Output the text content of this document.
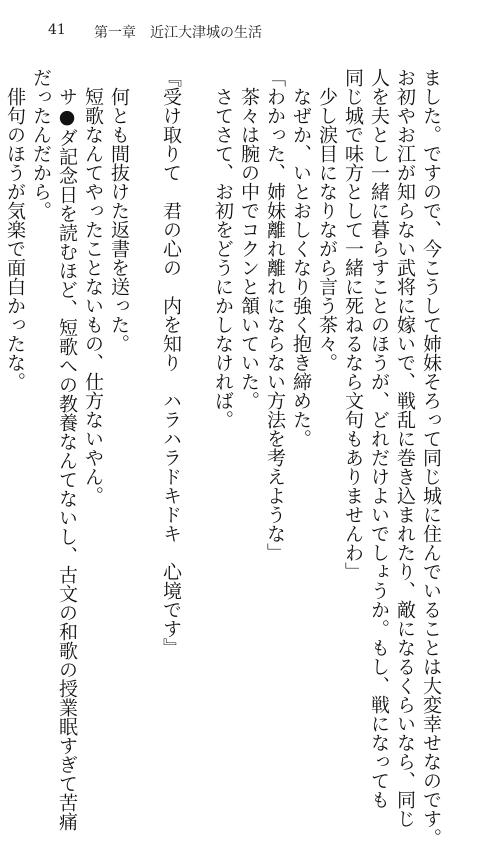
41 第一章　近江大津城の生活
ました。ですので、今こうして姉妹そろって同じ城に住んでいることは大変幸せなのです。
お初やお江が知らない武将に嫁いで、戦乱に巻き込まれたり、敵になるくらいなら、同じ
人を夫とし一緒に暮らすことのほうが、どれだけよいでしょうか。もし、戦になっても
同じ城で味方として一緒に死ねるなら文句もありませんわ」
　少し涙目になりながら言う茶々。
　なぜか、いとおしくなり強く抱き締めた。
「わかった、姉妹離れ離れにならない方法を考えような」
　茶々は腕の中でコクンと頷いていた。
　さてさて、お初をどうにかしなければ。
『受け取りて　君の心の　内を知り　ハラハラドキドキ　心境です』
　何とも間抜けた返書を送った。
　短歌なんてやったことないもの、仕方ないやん。
　サ●ダ記念日を読むほど、短歌への教養なんてないし、古文の和歌の授業眠すぎて苦痛
だったんだから。
　俳句のほうが気楽で面白かったな。
